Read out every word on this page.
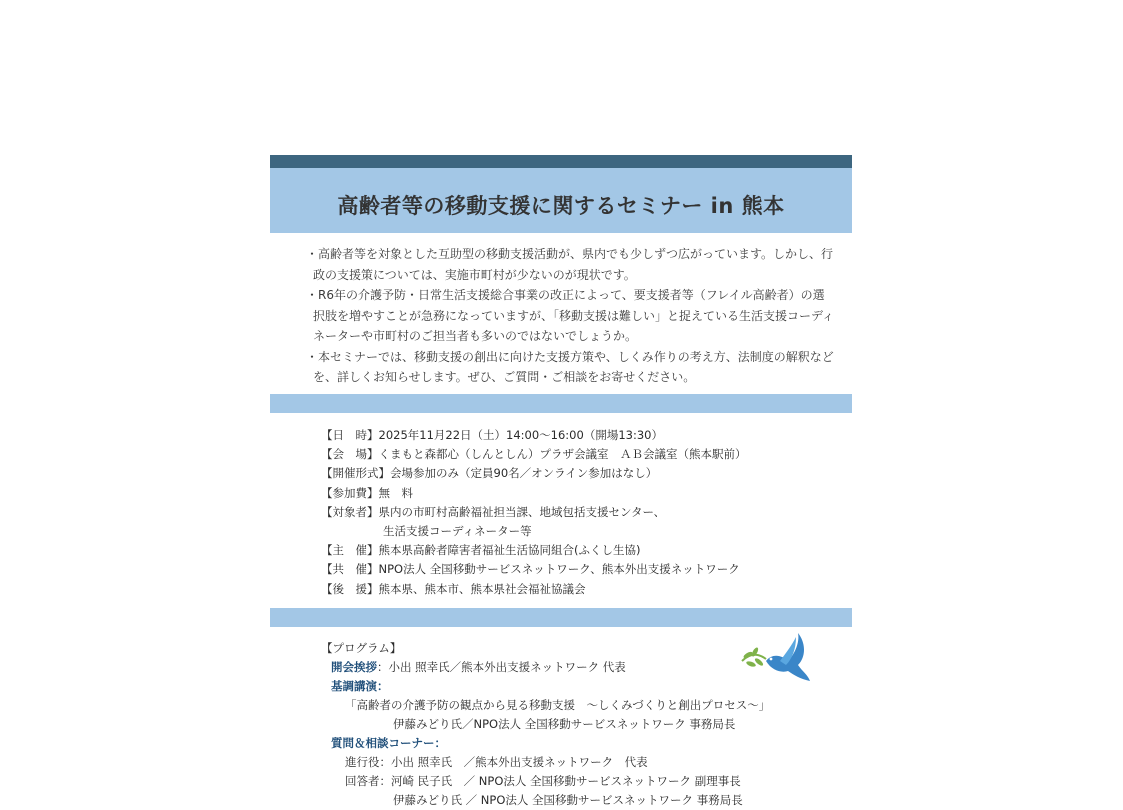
高齢者等の移動支援に関するセミナー in 熊本
・高齢者等を対象とした互助型の移動支援活動が、県内でも少しずつ広がっています。しかし、行政の支援策については、実施市町村が少ないのが現状です。
・R6年の介護予防・日常生活支援総合事業の改正によって、要支援者等（フレイル高齢者）の選択肢を増やすことが急務になっていますが、「移動支援は難しい」と捉えている生活支援コーディネーターや市町村のご担当者も多いのではないでしょうか。
・本セミナーでは、移動支援の創出に向けた支援方策や、しくみ作りの考え方、法制度の解釈などを、詳しくお知らせします。ぜひ、ご質問・ご相談をお寄せください。
【日　時】2025年11月22日（土）14:00〜16:00（開場13:30）
【会　場】くまもと森都心（しんとしん）プラザ会議室　ＡＢ会議室（熊本駅前）
【開催形式】会場参加のみ（定員90名／オンライン参加はなし）
【参加費】無　料
【対象者】県内の市町村高齢福祉担当課、地域包括支援センター、
生活支援コーディネーター等
【主　催】熊本県高齢者障害者福祉生活協同組合(ふくし生協)
【共　催】NPO法人 全国移動サービスネットワーク、熊本外出支援ネットワーク
【後　援】熊本県、熊本市、熊本県社会福祉協議会
【プログラム】
開会挨拶：小出 照幸氏／熊本外出支援ネットワーク 代表
基調講演：
「高齢者の介護予防の観点から見る移動支援　〜しくみづくりと創出プロセス〜」
伊藤みどり氏／NPO法人 全国移動サービスネットワーク 事務局長
質問＆相談コーナー：
進行役：小出 照幸氏　／熊本外出支援ネットワーク　代表
回答者：河崎 民子氏　／ NPO法人 全国移動サービスネットワーク 副理事長
伊藤みどり氏 ／ NPO法人 全国移動サービスネットワーク 事務局長
